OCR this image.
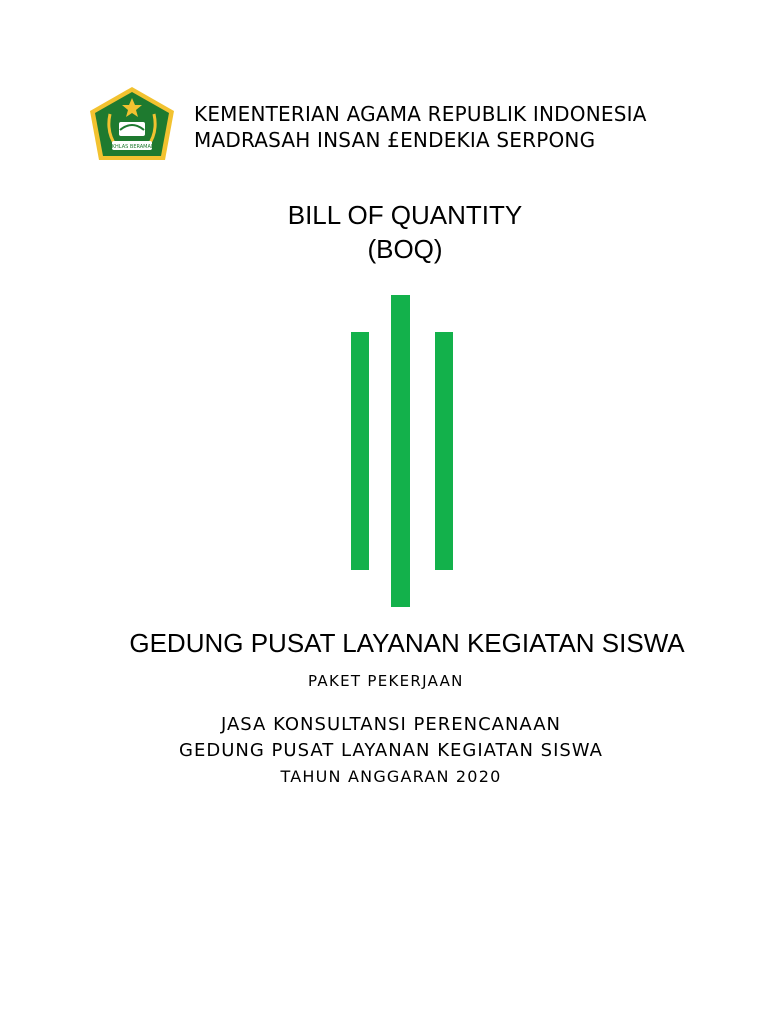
IKHLAS BERAMAL
KEMENTERIAN AGAMA REPUBLIK INDONESIA
MADRASAH INSAN £ENDEKIA SERPONG
BILL OF QUANTITY
(BOQ)
GEDUNG PUSAT LAYANAN KEGIATAN SISWA
PAKET PEKERJAAN
JASA KONSULTANSI PERENCANAAN
GEDUNG PUSAT LAYANAN KEGIATAN SISWA
TAHUN ANGGARAN 2020
